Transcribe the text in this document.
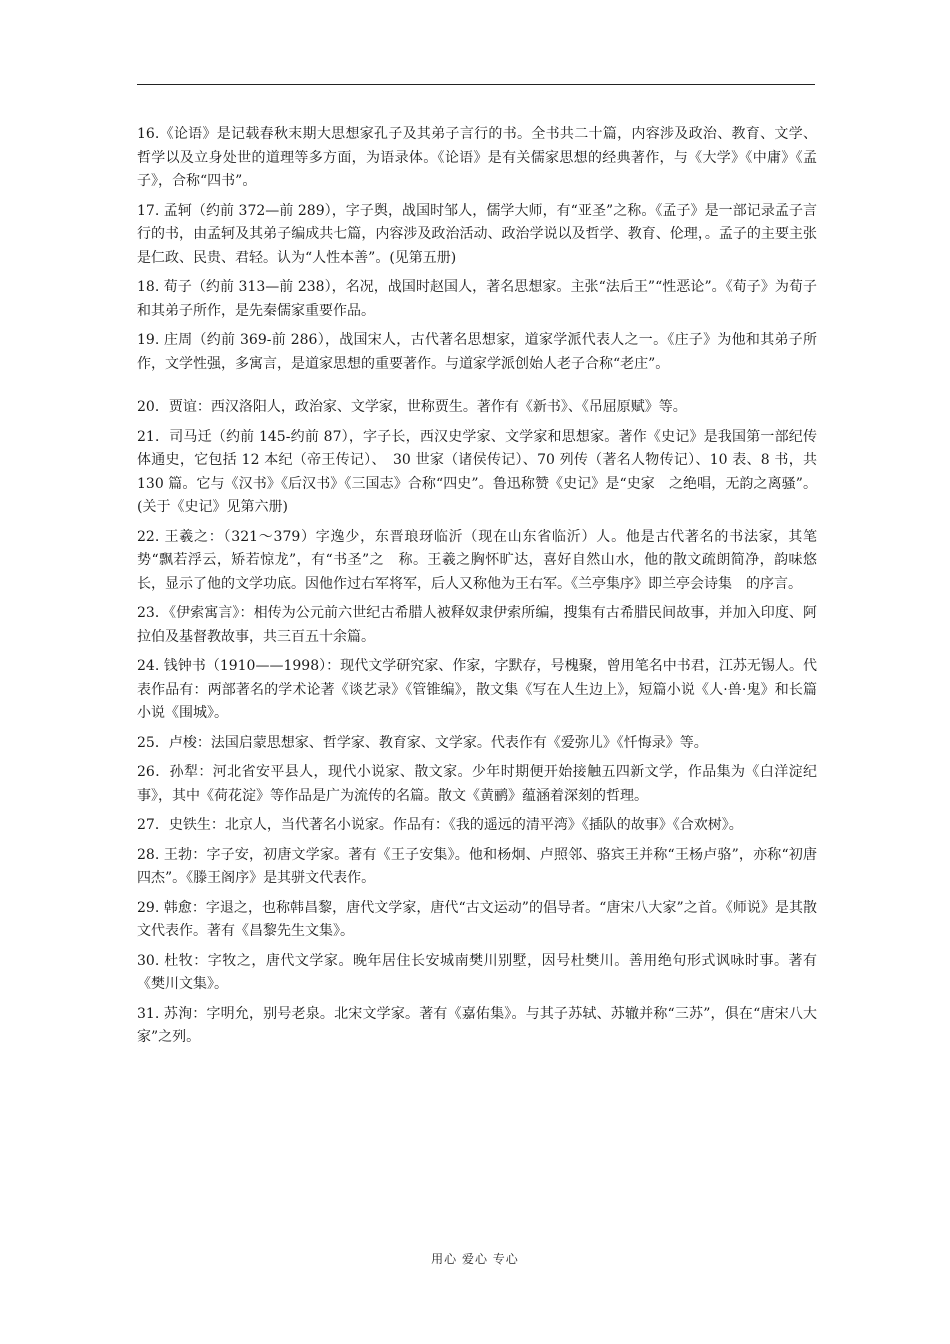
16.《论语》是记载春秋末期大思想家孔子及其弟子言行的书。全书共二十篇，内容涉及政治、教育、文学、哲学以及立身处世的道理等多方面，为语录体。《论语》是有关儒家思想的经典著作，与《大学》《中庸》《孟子》，合称“四书”。

17. 孟轲（约前 372—前 289），字子舆，战国时邹人，儒学大师，有“亚圣”之称。《孟子》是一部记录孟子言行的书，由孟轲及其弟子编成共七篇，内容涉及政治活动、政治学说以及哲学、教育、伦理，。孟子的主要主张是仁政、民贵、君轻。认为“人性本善”。(见第五册)

18. 荀子（约前 313—前 238），名况，战国时赵国人，著名思想家。主张“法后王”“性恶论”。《荀子》为荀子和其弟子所作，是先秦儒家重要作品。

19. 庄周（约前 369-前 286），战国宋人，古代著名思想家，道家学派代表人之一。《庄子》为他和其弟子所作，文学性强，多寓言，是道家思想的重要著作。与道家学派创始人老子合称“老庄”。

20．贾谊：西汉洛阳人，政治家、文学家，世称贾生。著作有《新书》、《吊屈原赋》等。

21．司马迁（约前 145-约前 87），字子长，西汉史学家、文学家和思想家。著作《史记》是我国第一部纪传体通史，它包括 12 本纪（帝王传记）、　30 世家（诸侯传记）、70 列传（著名人物传记）、10 表、8 书，共 130 篇。它与《汉书》《后汉书》《三国志》合称“四史”。鲁迅称赞《史记》是“史家　之绝唱，无韵之离骚”。(关于《史记》见第六册)

22. 王羲之：（321～379）字逸少，东晋琅玡临沂（现在山东省临沂）人。他是古代著名的书法家，其笔势“飘若浮云，矫若惊龙”，有“书圣”之　称。王羲之胸怀旷达，喜好自然山水，他的散文疏朗简净，韵味悠长，显示了他的文学功底。因他作过右军将军，后人又称他为王右军。《兰亭集序》即兰亭会诗集　的序言。

23．《伊索寓言》：相传为公元前六世纪古希腊人被释奴隶伊索所编，搜集有古希腊民间故事，并加入印度、阿拉伯及基督教故事，共三百五十余篇。

24. 钱钟书（1910——1998）：现代文学研究家、作家，字默存，号槐聚，曾用笔名中书君，江苏无锡人。代表作品有：两部著名的学术论著《谈艺录》《管锥编》，散文集《写在人生边上》，短篇小说《人·兽·鬼》和长篇小说《围城》。

25．卢梭：法国启蒙思想家、哲学家、教育家、文学家。代表作有《爱弥儿》《忏悔录》等。

26．孙犁：河北省安平县人，现代小说家、散文家。少年时期便开始接触五四新文学，作品集为《白洋淀纪事》，其中《荷花淀》等作品是广为流传的名篇。散文《黄鹂》蕴涵着深刻的哲理。

27．史铁生：北京人，当代著名小说家。作品有：《我的遥远的清平湾》《插队的故事》《合欢树》。

28. 王勃：字子安，初唐文学家。著有《王子安集》。他和杨炯、卢照邻、骆宾王并称“王杨卢骆”，亦称“初唐四杰”。《滕王阁序》是其骈文代表作。

29. 韩愈：字退之，也称韩昌黎，唐代文学家，唐代“古文运动”的倡导者。“唐宋八大家”之首。《师说》是其散文代表作。著有《昌黎先生文集》。

30. 杜牧：字牧之，唐代文学家。晚年居住长安城南樊川别墅，因号杜樊川。善用绝句形式讽咏时事。著有《樊川文集》。

31. 苏洵：字明允，别号老泉。北宋文学家。著有《嘉佑集》。与其子苏轼、苏辙并称“三苏”，俱在“唐宋八大家”之列。

用心 爱心 专心
